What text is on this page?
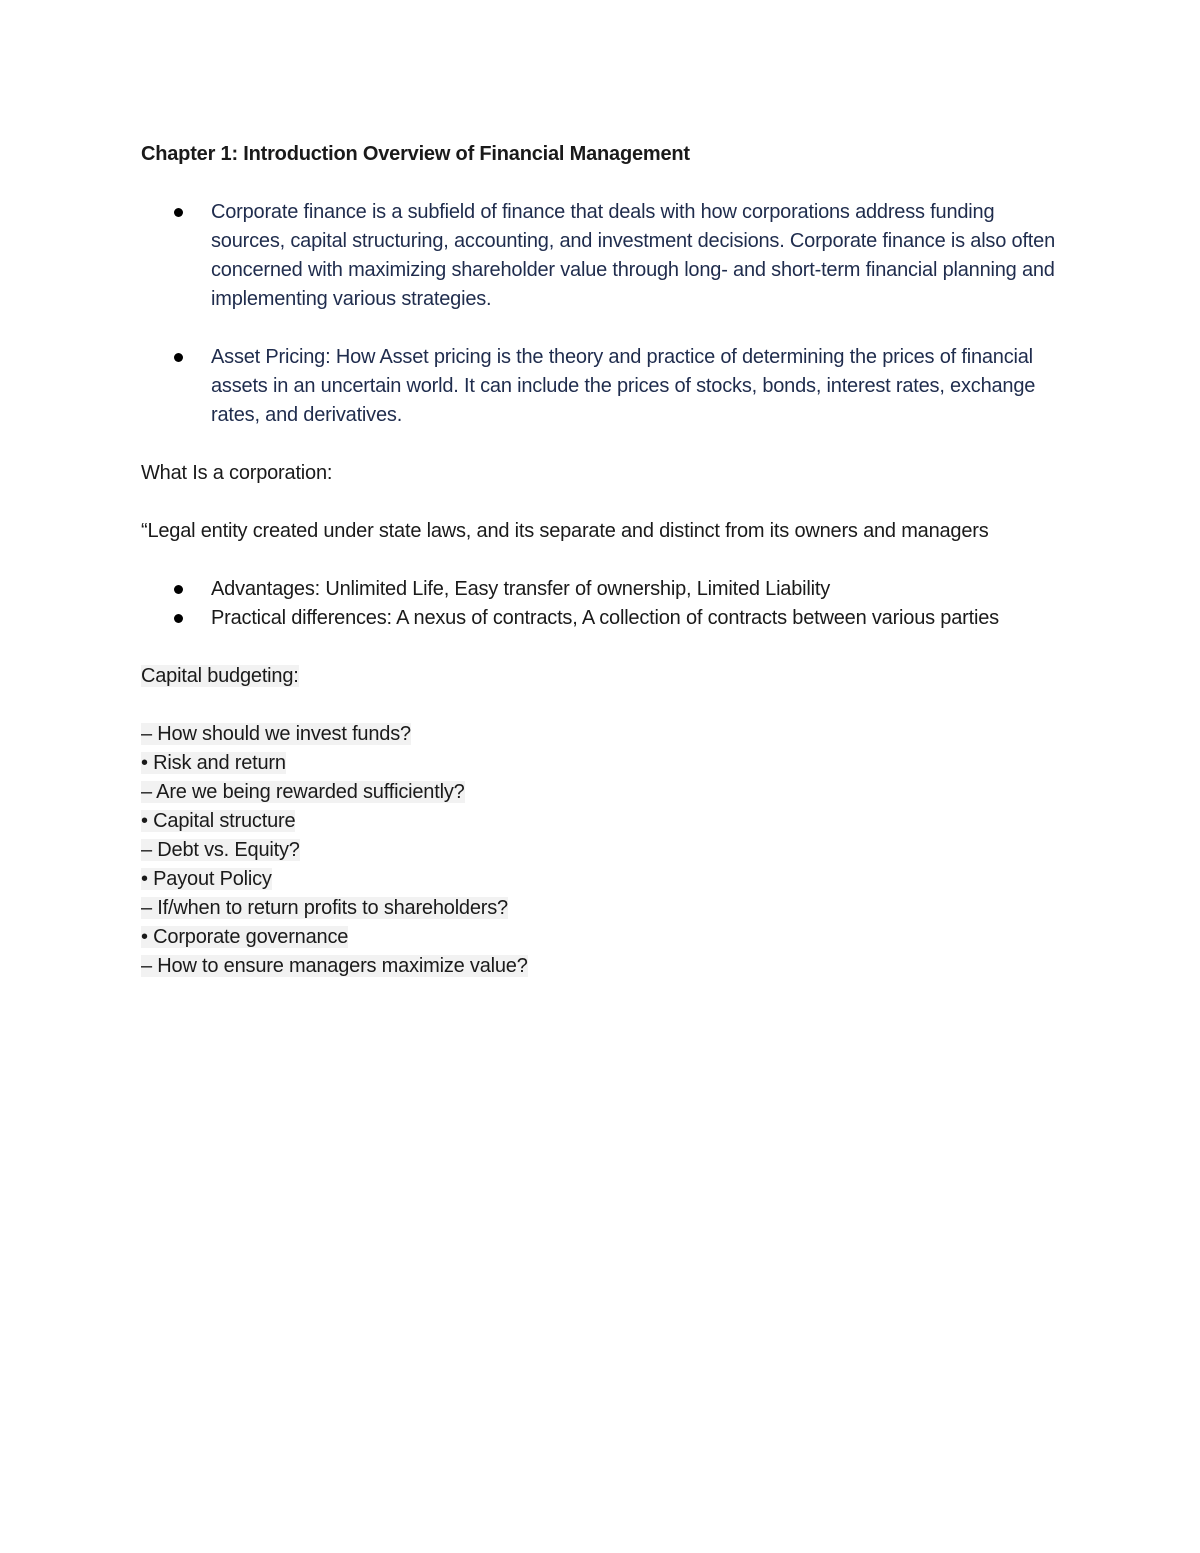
Chapter 1: Introduction Overview of Financial Management

Corporate finance is a subfield of finance that deals with how corporations address funding sources, capital structuring, accounting, and investment decisions. Corporate finance is also often concerned with maximizing shareholder value through long- and short-term financial planning and implementing various strategies.
Asset Pricing: How Asset pricing is the theory and practice of determining the prices of financial assets in an uncertain world. It can include the prices of stocks, bonds, interest rates, exchange rates, and derivatives.

What Is a corporation:

“Legal entity created under state laws, and its separate and distinct from its owners and managers

Advantages: Unlimited Life, Easy transfer of ownership, Limited Liability
Practical differences: A nexus of contracts, A collection of contracts between various parties

Capital budgeting:

– How should we invest funds?
• Risk and return
– Are we being rewarded sufficiently?
• Capital structure
– Debt vs. Equity?
• Payout Policy
– If/when to return profits to shareholders?
• Corporate governance
– How to ensure managers maximize value?
